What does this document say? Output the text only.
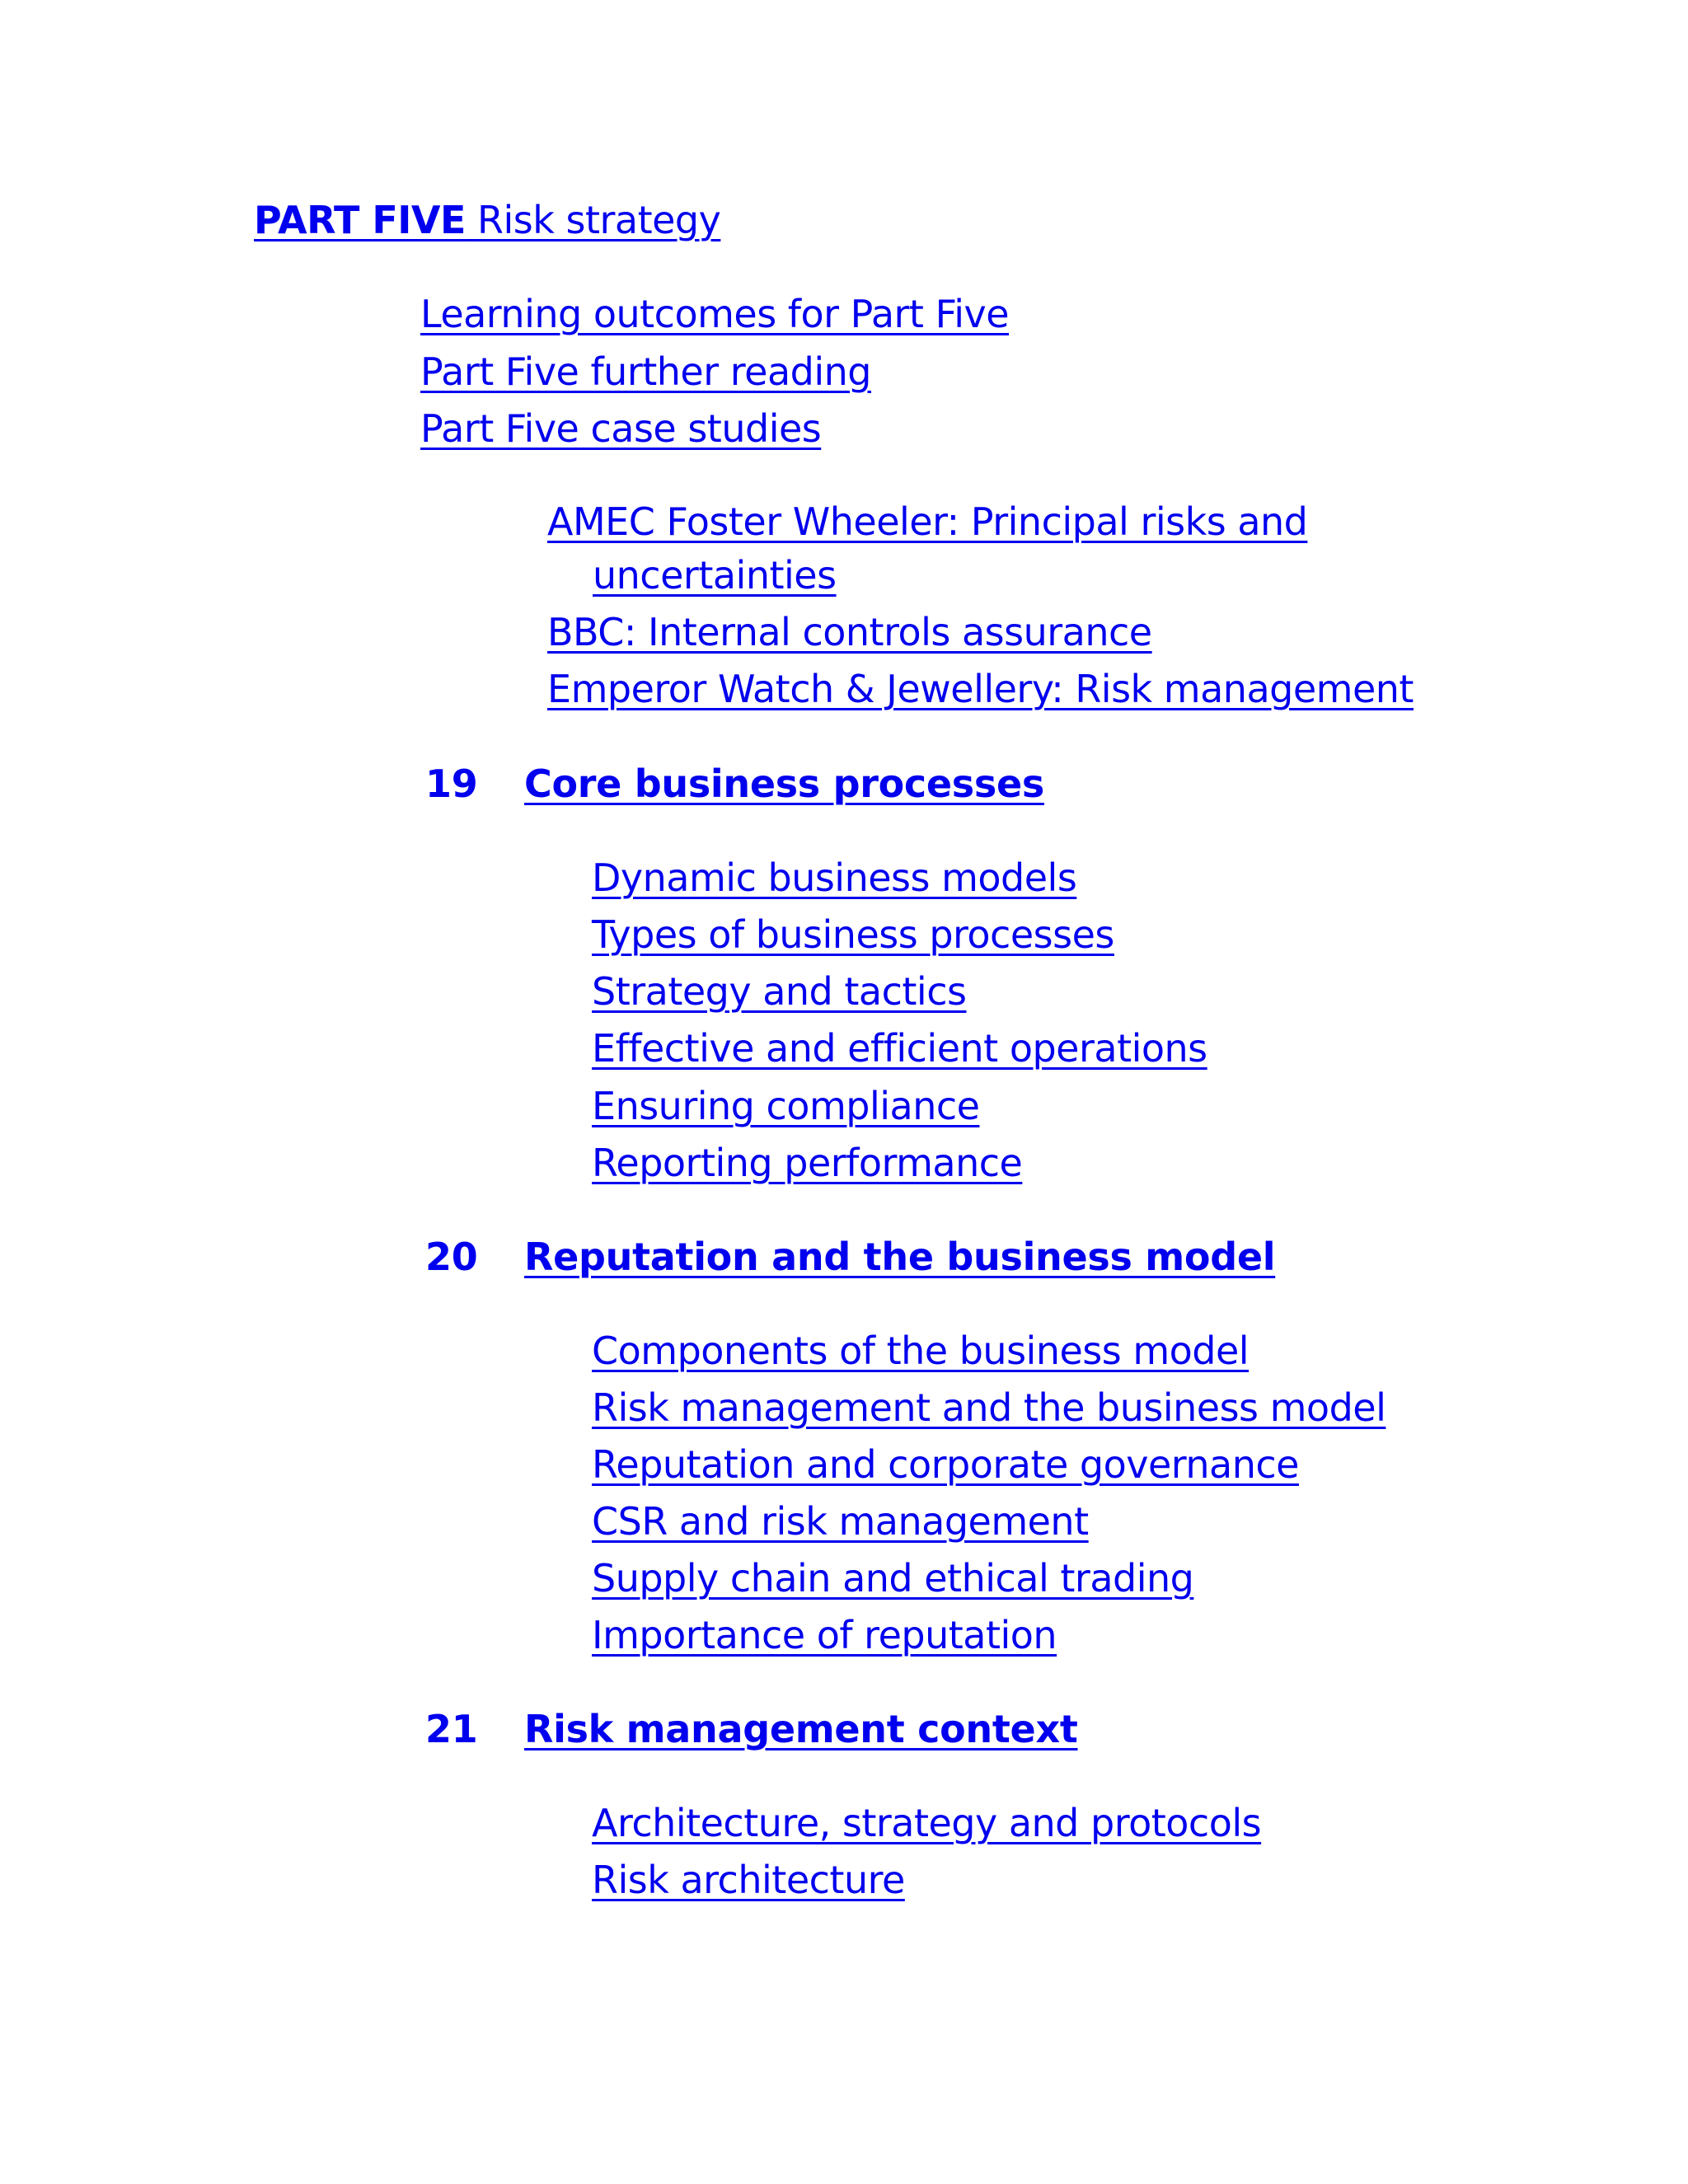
PART FIVE Risk strategy
Learning outcomes for Part Five
Part Five further reading
Part Five case studies
AMEC Foster Wheeler: Principal risks and
uncertainties
BBC: Internal controls assurance
Emperor Watch & Jewellery: Risk management
19 Core business processes
Dynamic business models
Types of business processes
Strategy and tactics
Effective and efficient operations
Ensuring compliance
Reporting performance
20 Reputation and the business model
Components of the business model
Risk management and the business model
Reputation and corporate governance
CSR and risk management
Supply chain and ethical trading
Importance of reputation
21 Risk management context
Architecture, strategy and protocols
Risk architecture
